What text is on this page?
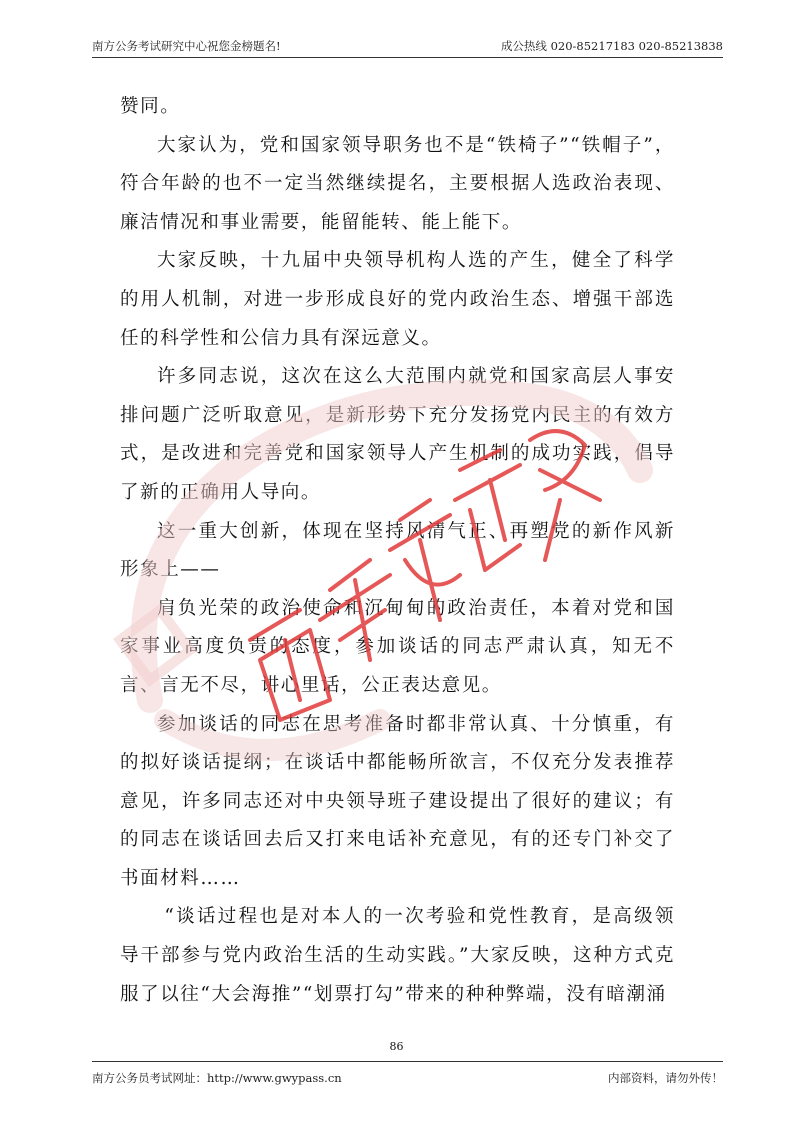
南方公务考试研究中心祝您金榜题名!	成公热线 020-85217183 020-85213838

赞同。

大家认为，党和国家领导职务也不是“铁椅子”“铁帽子”，符合年龄的也不一定当然继续提名，主要根据人选政治表现、廉洁情况和事业需要，能留能转、能上能下。

大家反映，十九届中央领导机构人选的产生，健全了科学的用人机制，对进一步形成良好的党内政治生态、增强干部选任的科学性和公信力具有深远意义。

许多同志说，这次在这么大范围内就党和国家高层人事安排问题广泛听取意见，是新形势下充分发扬党内民主的有效方式，是改进和完善党和国家领导人产生机制的成功实践，倡导了新的正确用人导向。

这一重大创新，体现在坚持风清气正、再塑党的新作风新形象上——

肩负光荣的政治使命和沉甸甸的政治责任，本着对党和国家事业高度负责的态度，参加谈话的同志严肃认真，知无不言、言无不尽，讲心里话，公正表达意见。

参加谈话的同志在思考准备时都非常认真、十分慎重，有的拟好谈话提纲；在谈话中都能畅所欲言，不仅充分发表推荐意见，许多同志还对中央领导班子建设提出了很好的建议；有的同志在谈话回去后又打来电话补充意见，有的还专门补交了书面材料……

“谈话过程也是对本人的一次考验和党性教育，是高级领导干部参与党内政治生活的生动实践。”大家反映，这种方式克服了以往“大会海推”“划票打勾”带来的种种弊端，没有暗潮涌

86
南方公务员考试网址：http://www.gwypass.cn	内部资料，请勿外传！
